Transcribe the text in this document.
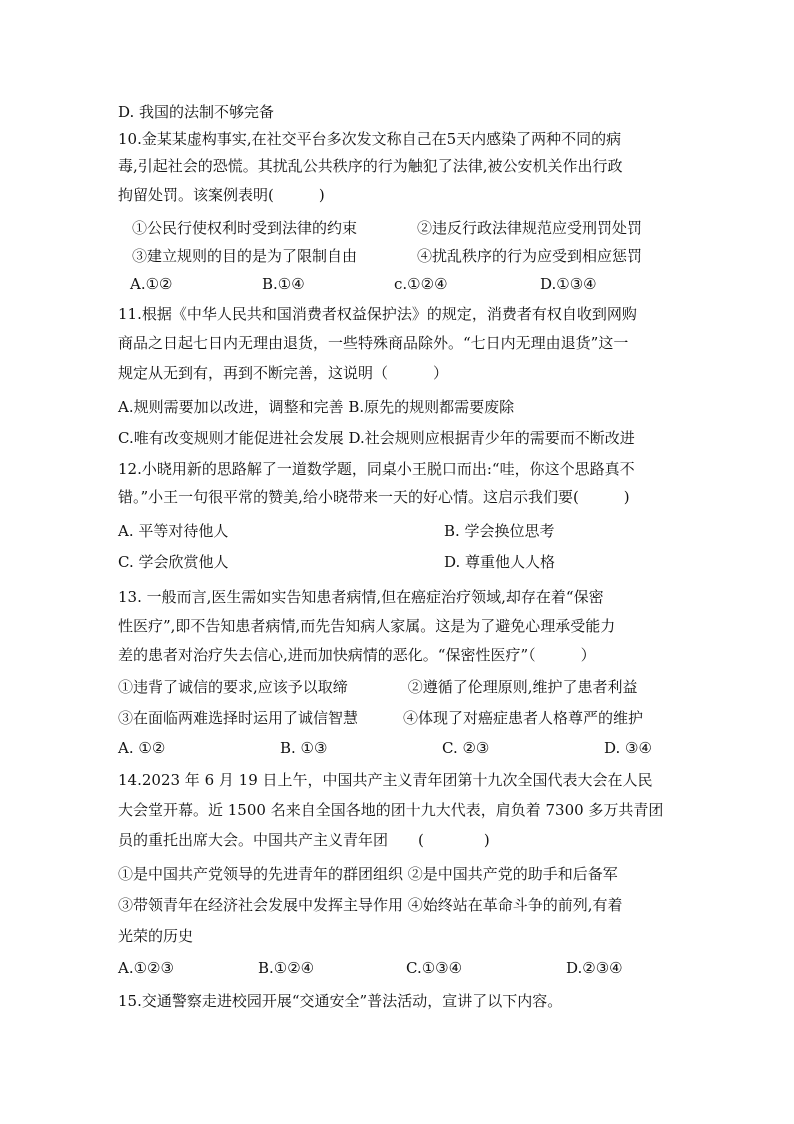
D. 我国的法制不够完备
10.金某某虚构事实,在社交平台多次发文称自己在5天内感染了两种不同的病
毒,引起社会的恐慌。其扰乱公共秩序的行为触犯了法律,被公安机关作出行政
拘留处罚。该案例表明(　　　)
①公民行使权利时受到法律的约束　　　　②违反行政法律规范应受刑罚处罚
③建立规则的目的是为了限制自由　　　　④扰乱秩序的行为应受到相应惩罚
A.①②	B.①④	c.①②④	D.①③④
11.根据《中华人民共和国消费者权益保护法》的规定，消费者有权自收到网购
商品之日起七日内无理由退货，一些特殊商品除外。“七日内无理由退货”这一
规定从无到有，再到不断完善，这说明（　　　）
A.规则需要加以改进，调整和完善 B.原先的规则都需要废除
C.唯有改变规则才能促进社会发展 D.社会规则应根据青少年的需要而不断改进
12.小晓用新的思路解了一道数学题，同桌小王脱口而出:“哇，你这个思路真不
错。”小王一句很平常的赞美,给小晓带来一天的好心情。这启示我们要(　　　)
A. 平等对待他人	B. 学会换位思考
C. 学会欣赏他人	D. 尊重他人人格
13. 一般而言,医生需如实告知患者病情,但在癌症治疗领域,却存在着“保密
性医疗”,即不告知患者病情,而先告知病人家属。这是为了避免心理承受能力
差的患者对治疗失去信心,进而加快病情的恶化。“保密性医疗”（　　　）
①违背了诚信的要求,应该予以取缔　　　　②遵循了伦理原则,维护了患者利益
③在面临两难选择时运用了诚信智慧　　　④体现了对癌症患者人格尊严的维护
A. ①②	B. ①③	C. ②③	D. ③④
14.2023 年 6 月 19 日上午，中国共产主义青年团第十九次全国代表大会在人民
大会堂开幕。近 1500 名来自全国各地的团十九大代表，肩负着 7300 多万共青团
员的重托出席大会。中国共产主义青年团　　(　　　　)
①是中国共产党领导的先进青年的群团组织 ②是中国共产党的助手和后备军
③带领青年在经济社会发展中发挥主导作用 ④始终站在革命斗争的前列,有着
光荣的历史
A.①②③	B.①②④	C.①③④	D.②③④
15.交通警察走进校园开展“交通安全”普法活动，宣讲了以下内容。
